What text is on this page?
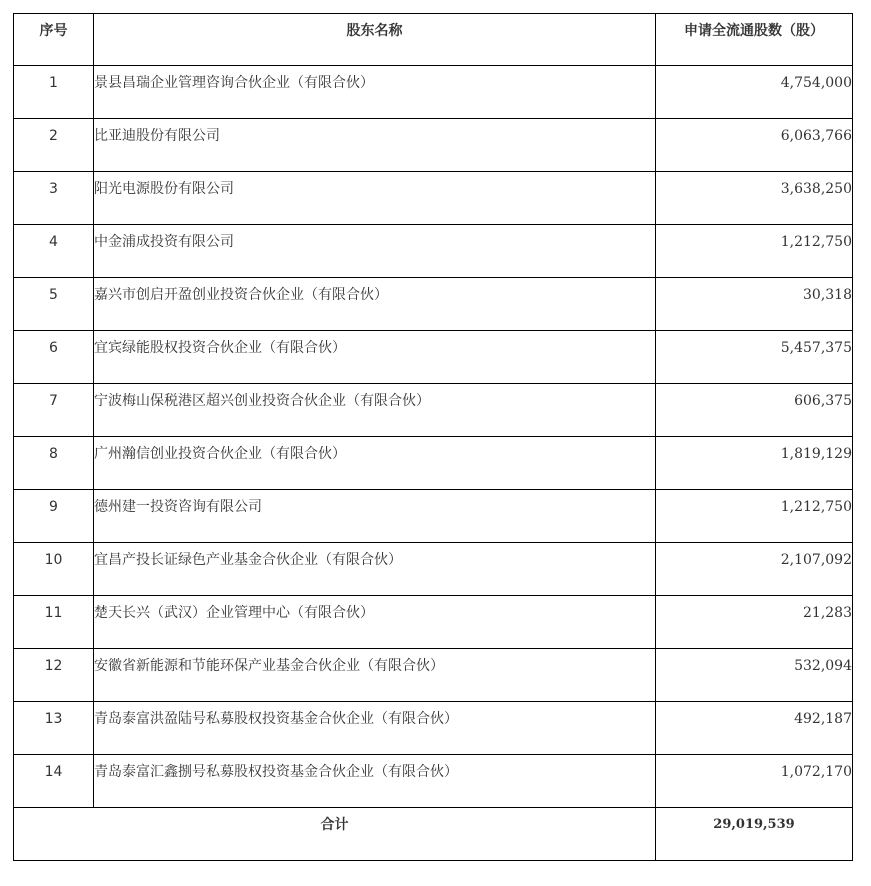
序号	股东名称	申请全流通股数（股）
1	景县昌瑞企业管理咨询合伙企业（有限合伙）	4,754,000
2	比亚迪股份有限公司	6,063,766
3	阳光电源股份有限公司	3,638,250
4	中金浦成投资有限公司	1,212,750
5	嘉兴市创启开盈创业投资合伙企业（有限合伙）	30,318
6	宜宾绿能股权投资合伙企业（有限合伙）	5,457,375
7	宁波梅山保税港区超兴创业投资合伙企业（有限合伙）	606,375
8	广州瀚信创业投资合伙企业（有限合伙）	1,819,129
9	德州建一投资咨询有限公司	1,212,750
10	宜昌产投长证绿色产业基金合伙企业（有限合伙）	2,107,092
11	楚天长兴（武汉）企业管理中心（有限合伙）	21,283
12	安徽省新能源和节能环保产业基金合伙企业（有限合伙）	532,094
13	青岛泰富洪盈陆号私募股权投资基金合伙企业（有限合伙）	492,187
14	青岛泰富汇鑫捌号私募股权投资基金合伙企业（有限合伙）	1,072,170
合计		29,019,539
